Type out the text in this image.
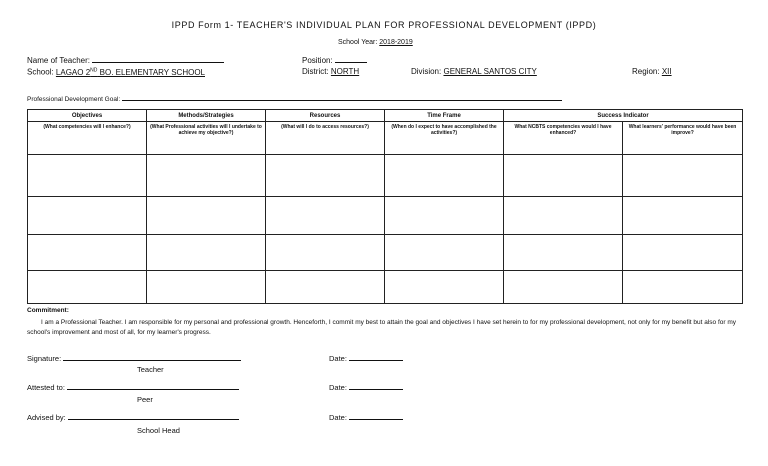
IPPD Form 1- TEACHER'S INDIVIDUAL PLAN FOR PROFESSIONAL DEVELOPMENT (IPPD)
School Year: 2018-2019
Name of Teacher:	Position:
School: LAGAO 2ND BO. ELEMENTARY SCHOOL	District: NORTH	Division: GENERAL SANTOS CITY	Region: XII
Professional Development Goal:
Objectives	Methods/Strategies	Resources	Time Frame	Success Indicator	
(What competencies will I enhance?)	(What Professional activities will I undertake to achieve my objective?)	(What will I do to access resources?)	(When do I expect to have accomplished the activities?)	What NCBTS competencies would I have enhanced?	What learners' performance would have been improve?

Commitment:
I am a Professional Teacher. I am responsible for my personal and professional growth. Henceforth, I commit my best to attain the goal and objectives I have set herein to for my professional development, not only for my benefit but also for my school's improvement and most of all, for my learner's progress.
Signature:
Teacher
Date:
Attested to:
Peer
Date:
Advised by:
School Head
Date:
